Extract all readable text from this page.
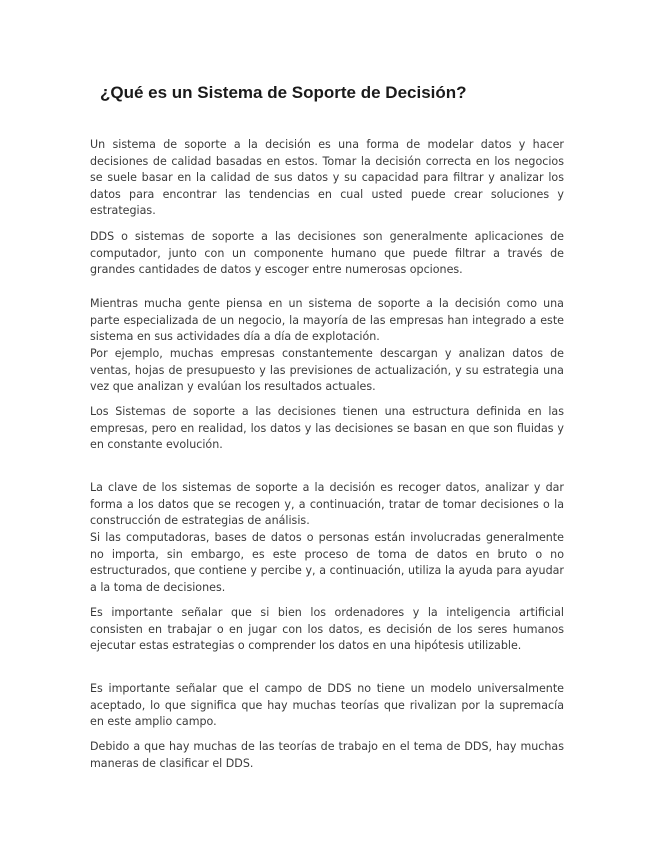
¿Qué es un Sistema de Soporte de Decisión?

Un sistema de soporte a la decisión es una forma de modelar datos y hacer decisiones de calidad basadas en estos. Tomar la decisión correcta en los negocios se suele basar en la calidad de sus datos y su capacidad para filtrar y analizar los datos para encontrar las tendencias en cual usted puede crear soluciones y estrategias.

DDS o sistemas de soporte a las decisiones son generalmente aplicaciones de computador, junto con un componente humano que puede filtrar a través de grandes cantidades de datos y escoger entre numerosas opciones.

Mientras mucha gente piensa en un sistema de soporte a la decisión como una parte especializada de un negocio, la mayoría de las empresas han integrado a este sistema en sus actividades día a día de explotación.

Por ejemplo, muchas empresas constantemente descargan y analizan datos de ventas, hojas de presupuesto y las previsiones de actualización, y su estrategia una vez que analizan y evalúan los resultados actuales.

Los Sistemas de soporte a las decisiones tienen una estructura definida en las empresas, pero en realidad, los datos y las decisiones se basan en que son fluidas y en constante evolución.

La clave de los sistemas de soporte a la decisión es recoger datos, analizar y dar forma a los datos que se recogen y, a continuación, tratar de tomar decisiones o la construcción de estrategias de análisis.

Si las computadoras, bases de datos o personas están involucradas generalmente no importa, sin embargo, es este proceso de toma de datos en bruto o no estructurados, que contiene y percibe y, a continuación, utiliza la ayuda para ayudar a la toma de decisiones.

Es importante señalar que si bien los ordenadores y la inteligencia artificial consisten en trabajar o en jugar con los datos, es decisión de los seres humanos ejecutar estas estrategias o comprender los datos en una hipótesis utilizable.

Es importante señalar que el campo de DDS no tiene un modelo universalmente aceptado, lo que significa que hay muchas teorías que rivalizan por la supremacía en este amplio campo.

Debido a que hay muchas de las teorías de trabajo en el tema de DDS, hay muchas maneras de clasificar el DDS.
